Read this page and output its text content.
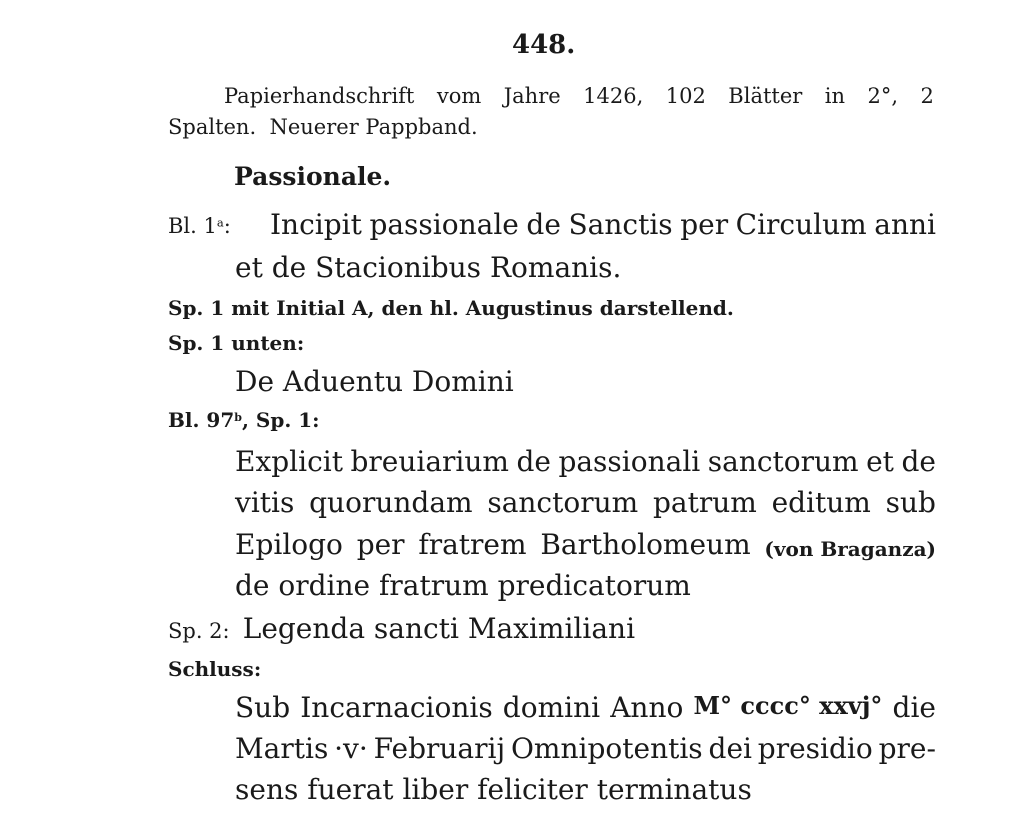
448.
Papierhandschrift vom Jahre 1426, 102 Blätter in 2°, 2
Spalten.  Neuerer Pappband.
Passionale.
Bl. 1$^a$: Incipit passionale de Sanctis per Circulum anni
et de Stacionibus Romanis.
Sp. 1 mit Initial A, den hl. Augustinus darstellend.
Sp. 1 unten:
De Aduentu Domini
Bl. 97$^b$, Sp. 1:
Explicit breuiarium de passionali sanctorum et de
vitis quorundam sanctorum patrum editum sub
Epilogo per fratrem Bartholomeum (von Braganza)
de ordine fratrum predicatorum
Sp. 2: Legenda sancti Maximiliani
Schluss:
Sub Incarnacionis domini Anno M° cccc° xxvj° die
Martis ·v· Februarij Omnipotentis dei presidio pre-
sens fuerat liber feliciter terminatus
